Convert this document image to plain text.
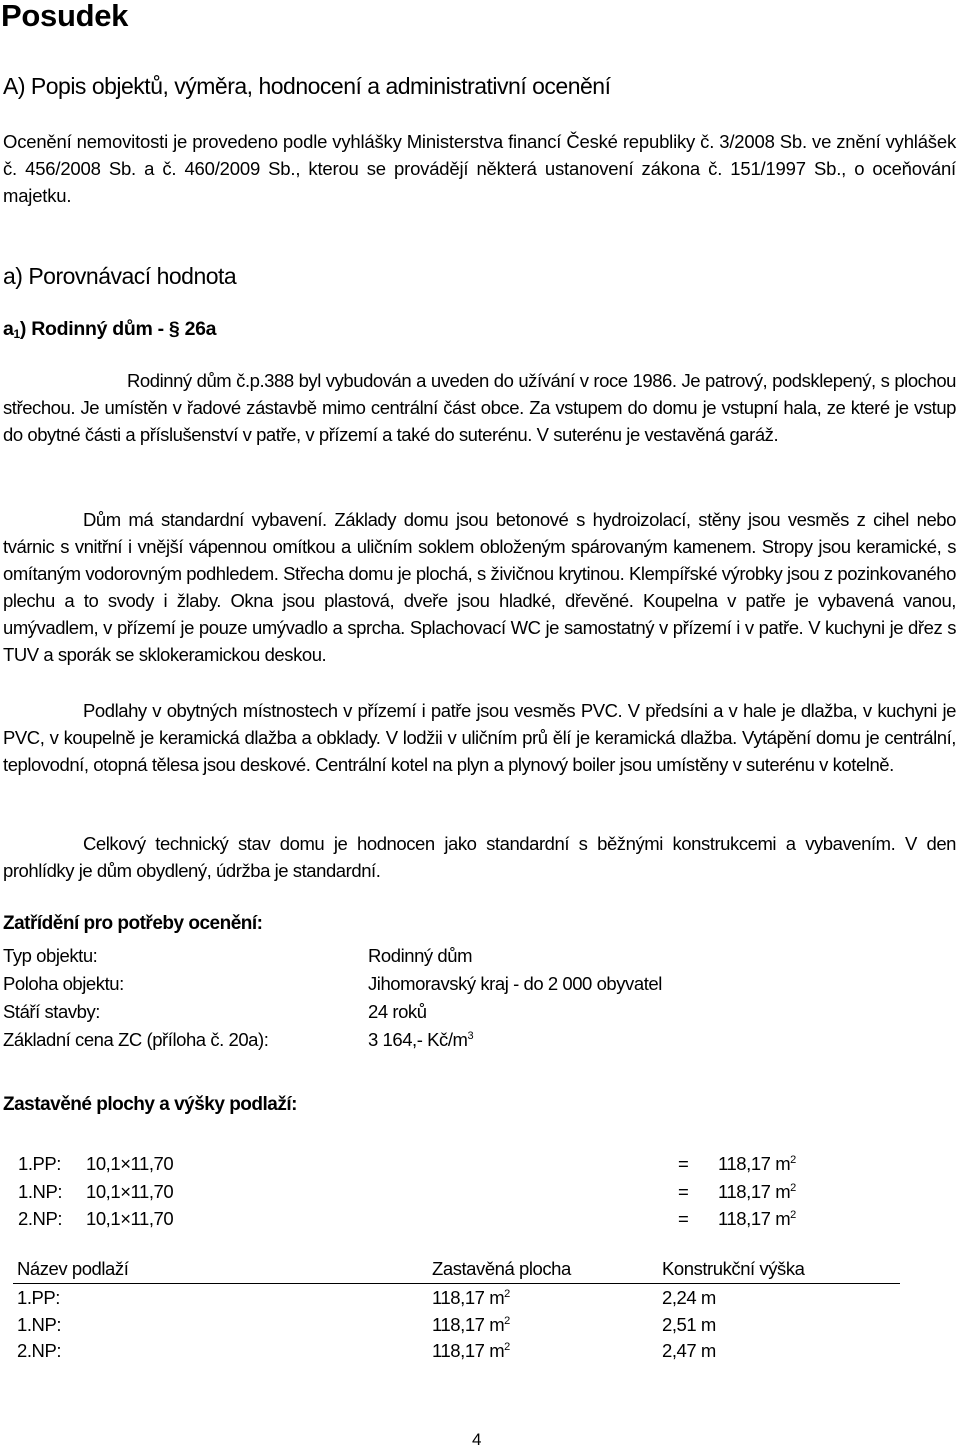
Posudek
A) Popis objektů, výměra, hodnocení a administrativní ocenění
Ocenění nemovitosti je provedeno podle vyhlášky Ministerstva financí České republiky č. 3/2008 Sb. ve znění vyhlášek č. 456/2008 Sb. a č. 460/2009 Sb., kterou se provádějí některá ustanovení zákona č. 151/1997 Sb., o oceňování majetku.
a) Porovnávací hodnota
$a_1$) Rodinný dům - § 26a
Rodinný dům č.p.388 byl vybudován a uveden do užívání v roce 1986. Je patrový, podsklepený, s plochou střechou. Je umístěn v řadové zástavbě mimo centrální část obce. Za vstupem do domu je vstupní hala, ze které je vstup do obytné části a příslušenství v patře, v přízemí a také do suterénu. V suterénu je vestavěná garáž.
Dům má standardní vybavení. Základy domu jsou betonové s hydroizolací, stěny jsou vesměs z cihel nebo tvárnic s vnitřní i vnější vápennou omítkou a uličním soklem obloženým spárovaným kamenem. Stropy jsou keramické, s omítaným vodorovným podhledem. Střecha domu je plochá, s živičnou krytinou. Klempířské výrobky jsou z pozinkovaného plechu a to svody i žlaby. Okna jsou plastová, dveře jsou hladké, dřevěné. Koupelna v patře je vybavená vanou, umývadlem, v přízemí je pouze umývadlo a sprcha. Splachovací WC je samostatný v přízemí i v patře. V kuchyni je dřez s TUV a sporák se sklokeramickou deskou.
Podlahy v obytných místnostech v přízemí i patře jsou vesměs PVC. V předsíni a v hale je dlažba, v kuchyni je PVC, v koupelně je keramická dlažba a obklady. V lodžii v uličním prů ělí je keramická dlažba. Vytápění domu je centrální, teplovodní, otopná tělesa jsou deskové. Centrální kotel na plyn a plynový boiler jsou umístěny v suterénu v kotelně.
Celkový technický stav domu je hodnocen jako standardní s běžnými konstrukcemi a vybavením. V den prohlídky je dům obydlený, údržba je standardní.
Zatřídění pro potřeby ocenění:
Typ objektu:	Rodinný dům
Poloha objektu:	Jihomoravský kraj - do 2 000 obyvatel
Stáří stavby:	24 roků
Základní cena ZC (příloha č. 20a):	3 164,- $Kč/m^3$
Zastavěné plochy a výšky podlaží:
1.PP: 10,1×11,70	= 118,17 $m^2$
1.NP: 10,1×11,70	= 118,17 $m^2$
2.NP: 10,1×11,70	= 118,17 $m^2$
Název podlaží	Zastavěná plocha	Konstrukční výška
1.PP:	118,17 $m^2$	2,24 m
1.NP:	118,17 $m^2$	2,51 m
2.NP:	118,17 $m^2$	2,47 m
4
